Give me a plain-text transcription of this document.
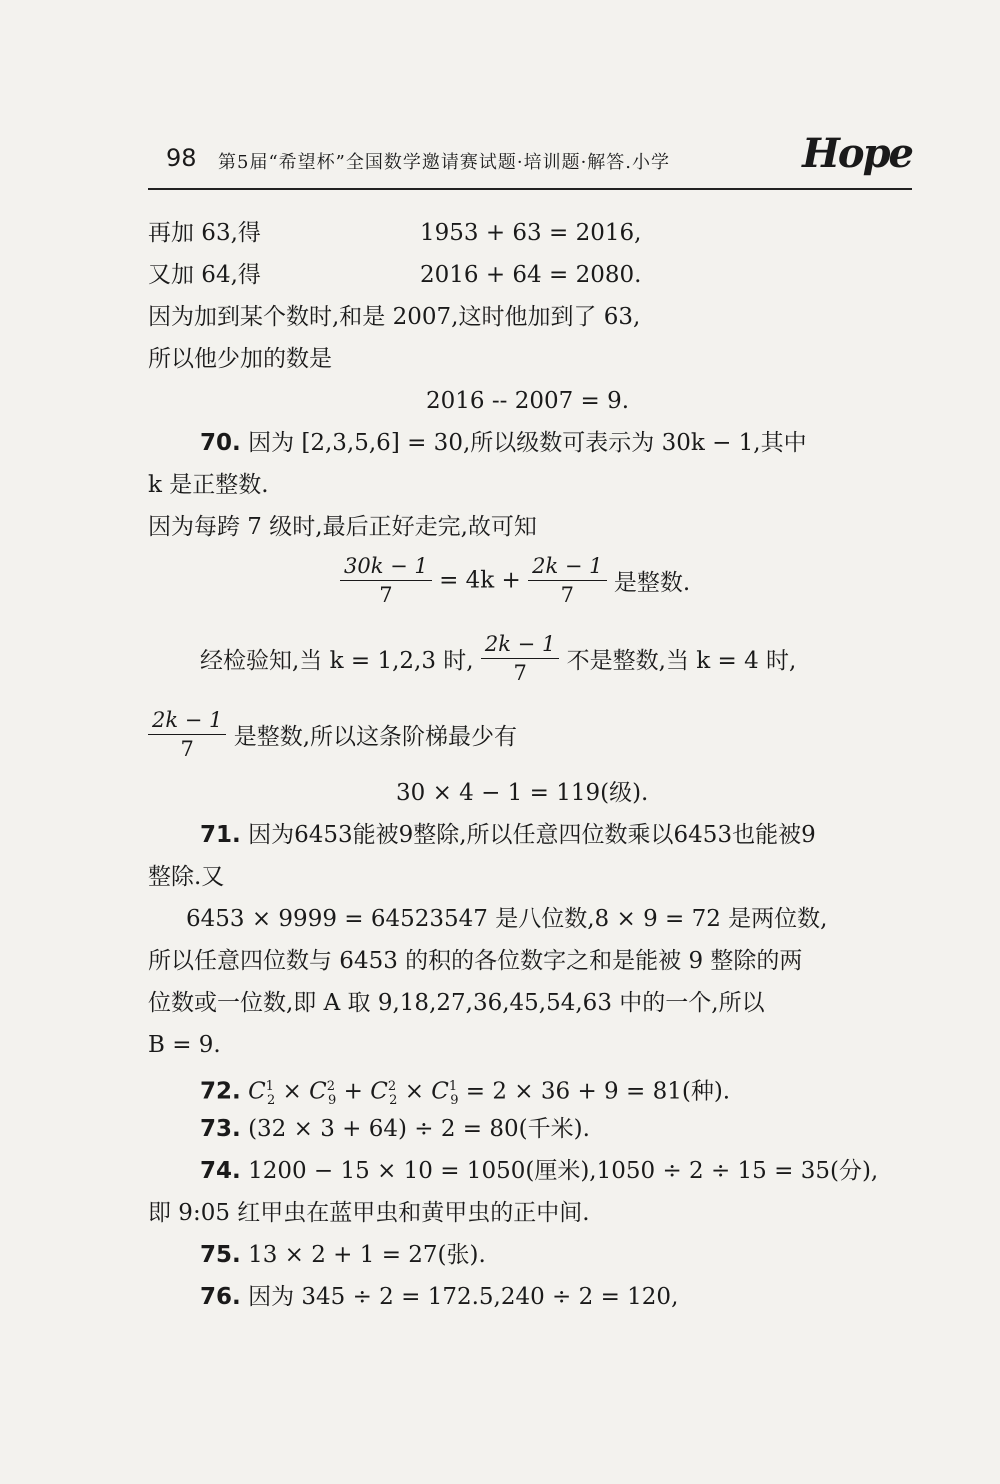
98 第5届“希望杯”全国数学邀请赛试题·培训题·解答.小学	Hope
再加 63,得	1953 + 63 = 2016,
又加 64,得	2016 + 64 = 2080.
因为加到某个数时,和是 2007,这时他加到了 63,
所以他少加的数是
2016 -- 2007 = 9.
70. 因为 [2,3,5,6] = 30,所以级数可表示为 30k − 1,其中
k 是正整数.
因为每跨 7 级时,最后正好走完,故可知
$\frac{30k - 1}{7} = 4k + \frac{2k - 1}{7}$ 是整数.
经检验知,当 k = 1,2,3 时, $\frac{2k - 1}{7}$ 不是整数,当 k = 4 时,
$\frac{2k - 1}{7}$ 是整数,所以这条阶梯最少有
30 × 4 − 1 = 119(级).
71. 因为6453能被9整除,所以任意四位数乘以6453也能被9
整除.又
6453 × 9999 = 64523547 是八位数,8 × 9 = 72 是两位数,
所以任意四位数与 6453 的积的各位数字之和是能被 9 整除的两
位数或一位数,即 A 取 9,18,27,36,45,54,63 中的一个,所以
B = 9.
72. $C^1_2 \times C^2_9 + C^2_2 \times C^1_9 = 2 \times 36 + 9 = 81$(种).
73. (32 × 3 + 64) ÷ 2 = 80(千米).
74. 1200 − 15 × 10 = 1050(厘米),1050 ÷ 2 ÷ 15 = 35(分),
即 9:05 红甲虫在蓝甲虫和黄甲虫的正中间.
75. 13 × 2 + 1 = 27(张).
76. 因为 345 ÷ 2 = 172.5,240 ÷ 2 = 120,
